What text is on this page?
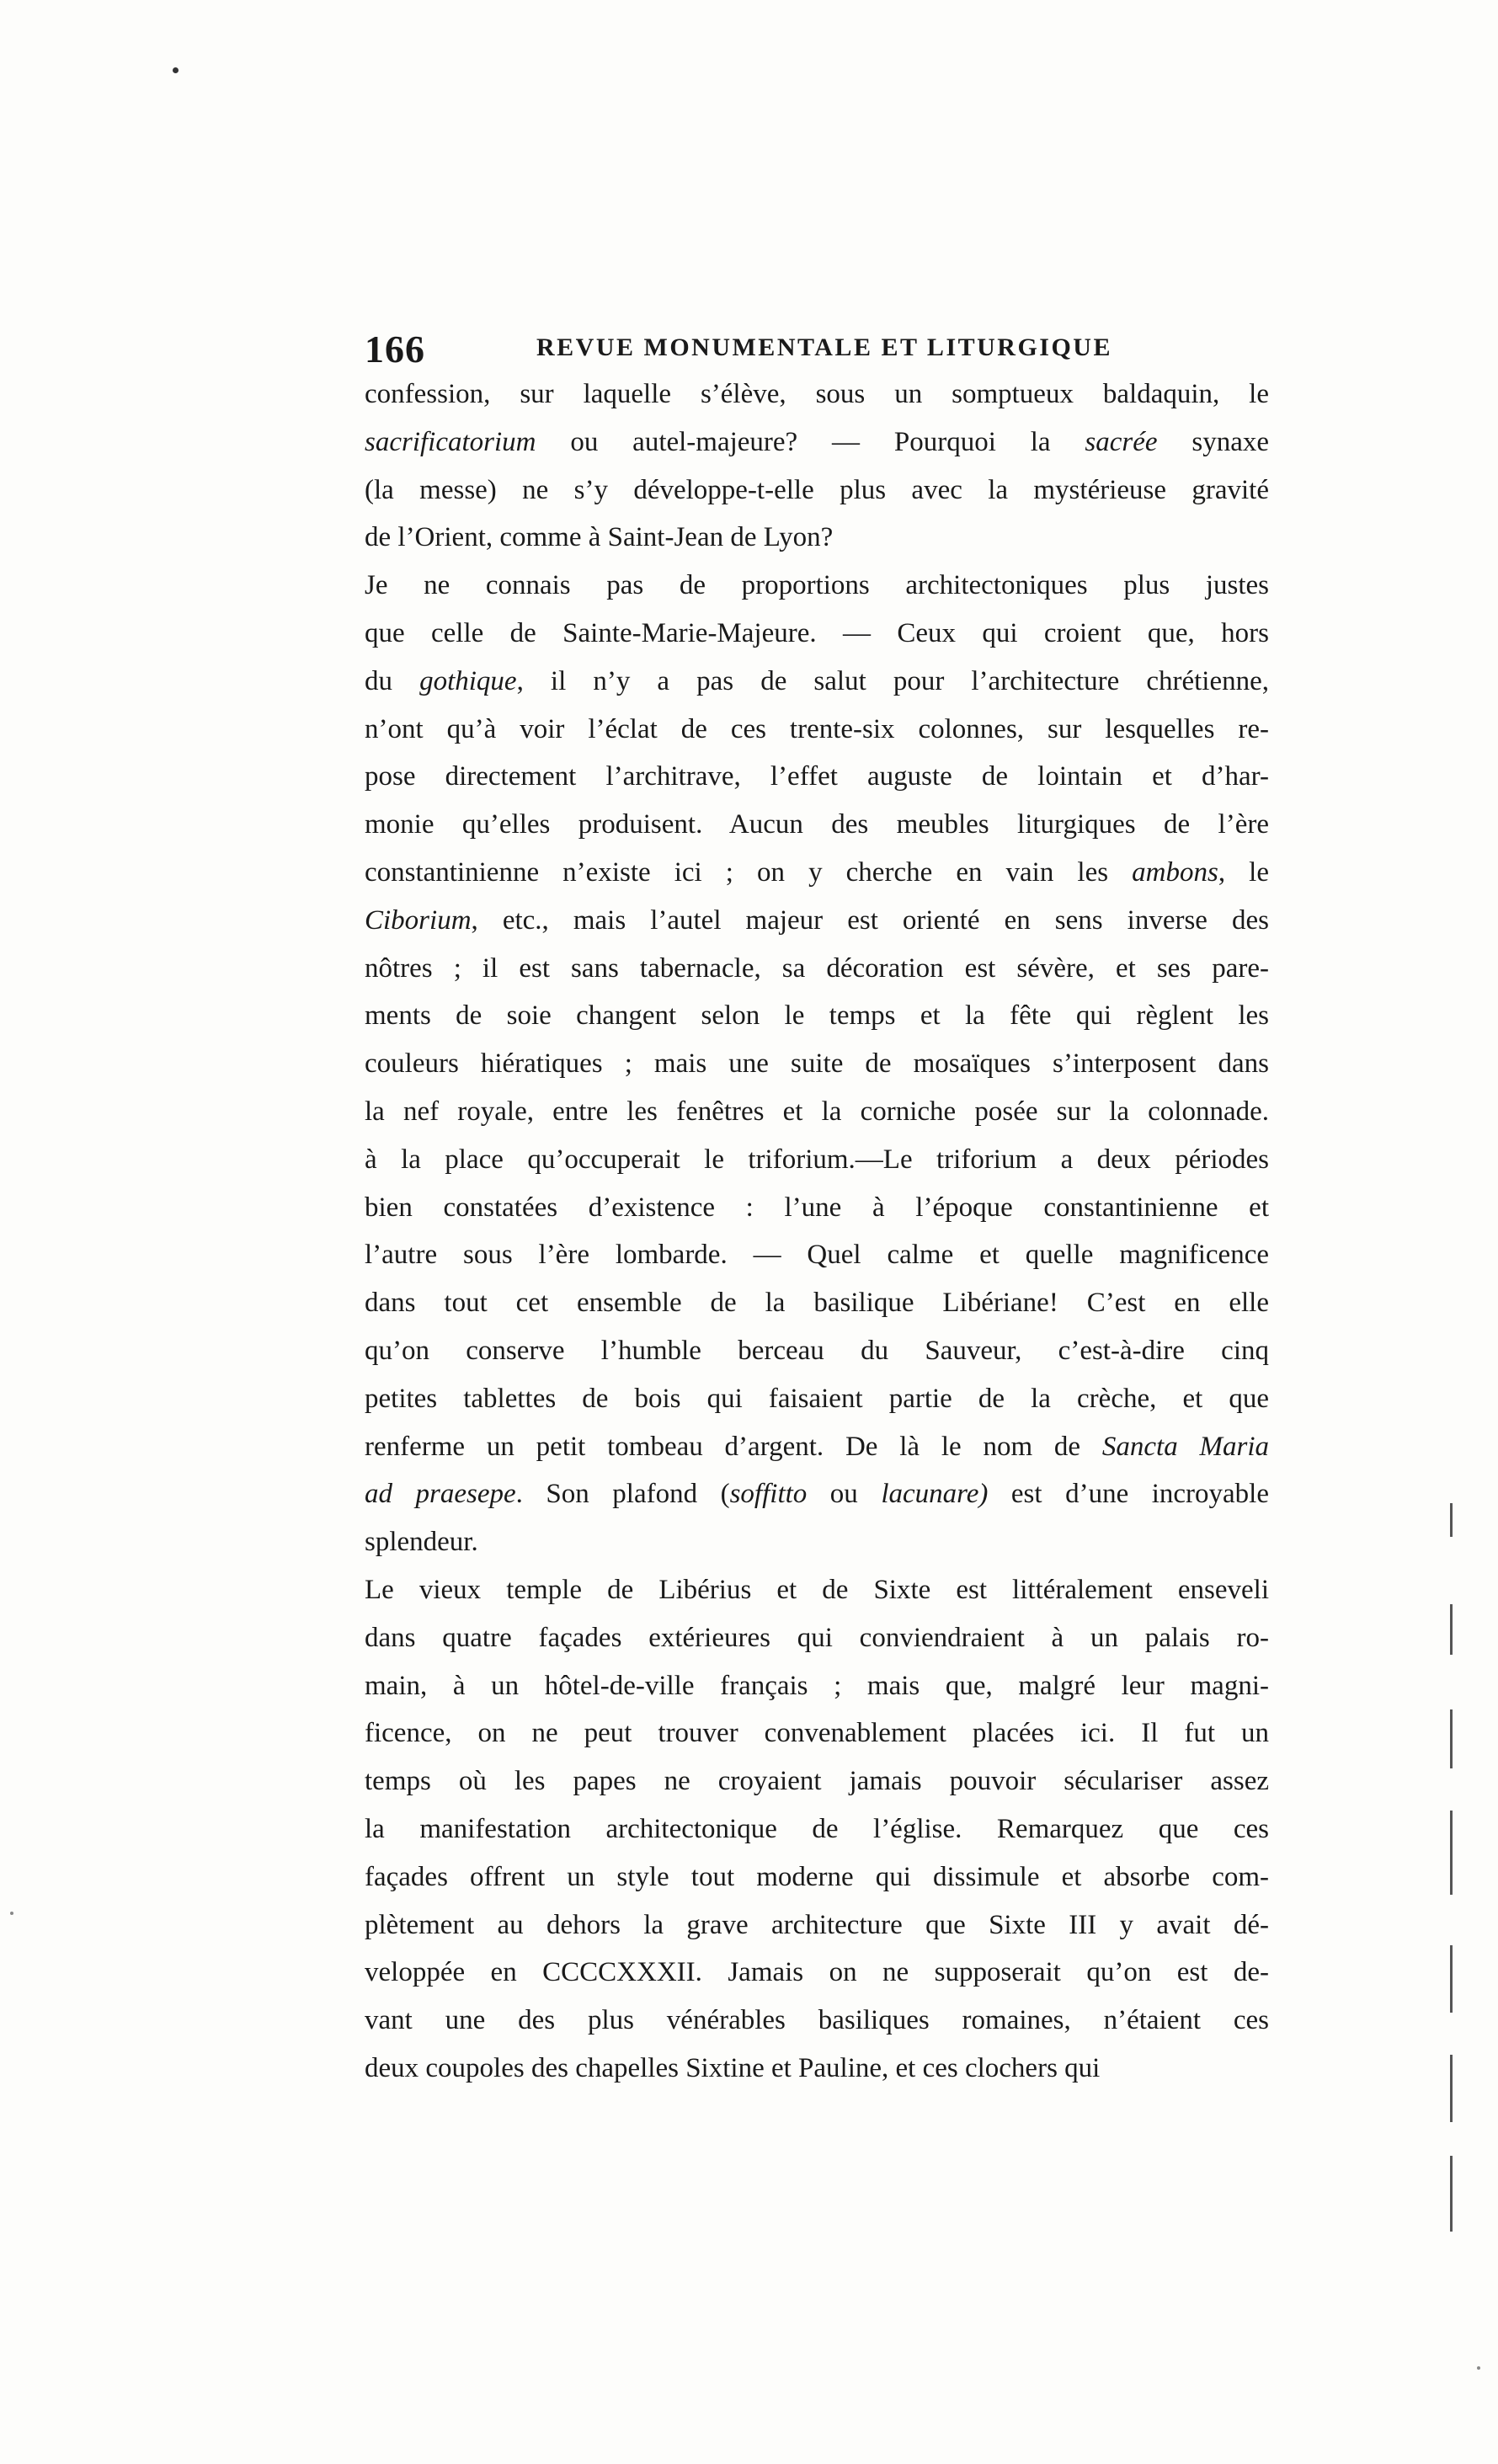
166	REVUE MONUMENTALE ET LITURGIQUE
confession, sur laquelle s’élève, sous un somptueux baldaquin, le
sacrificatorium ou autel-majeure? — Pourquoi la sacrée synaxe
(la messe) ne s’y développe-t-elle plus avec la mystérieuse gravité
de l’Orient, comme à Saint-Jean de Lyon?
Je ne connais pas de proportions architectoniques plus justes
que celle de Sainte-Marie-Majeure. — Ceux qui croient que, hors
du gothique, il n’y a pas de salut pour l’architecture chrétienne,
n’ont qu’à voir l’éclat de ces trente-six colonnes, sur lesquelles re-
pose directement l’architrave, l’effet auguste de lointain et d’har-
monie qu’elles produisent. Aucun des meubles liturgiques de l’ère
constantinienne n’existe ici ; on y cherche en vain les ambons, le
Ciborium, etc., mais l’autel majeur est orienté en sens inverse des
nôtres ; il est sans tabernacle, sa décoration est sévère, et ses pare-
ments de soie changent selon le temps et la fête qui règlent les
couleurs hiératiques ; mais une suite de mosaïques s’interposent dans
la nef royale, entre les fenêtres et la corniche posée sur la colonnade.
à la place qu’occuperait le triforium.—Le triforium a deux périodes
bien constatées d’existence : l’une à l’époque constantinienne et
l’autre sous l’ère lombarde. — Quel calme et quelle magnificence
dans tout cet ensemble de la basilique Libériane! C’est en elle
qu’on conserve l’humble berceau du Sauveur, c’est-à-dire cinq
petites tablettes de bois qui faisaient partie de la crèche, et que
renferme un petit tombeau d’argent. De là le nom de Sancta Maria
ad praesepe. Son plafond (soffitto ou lacunare) est d’une incroyable
splendeur.
Le vieux temple de Libérius et de Sixte est littéralement enseveli
dans quatre façades extérieures qui conviendraient à un palais ro-
main, à un hôtel-de-ville français ; mais que, malgré leur magni-
ficence, on ne peut trouver convenablement placées ici. Il fut un
temps où les papes ne croyaient jamais pouvoir séculariser assez
la manifestation architectonique de l’église. Remarquez que ces
façades offrent un style tout moderne qui dissimule et absorbe com-
plètement au dehors la grave architecture que Sixte III y avait dé-
veloppée en CCCCXXXII. Jamais on ne supposerait qu’on est de-
vant une des plus vénérables basiliques romaines, n’étaient ces
deux coupoles des chapelles Sixtine et Pauline, et ces clochers qui
